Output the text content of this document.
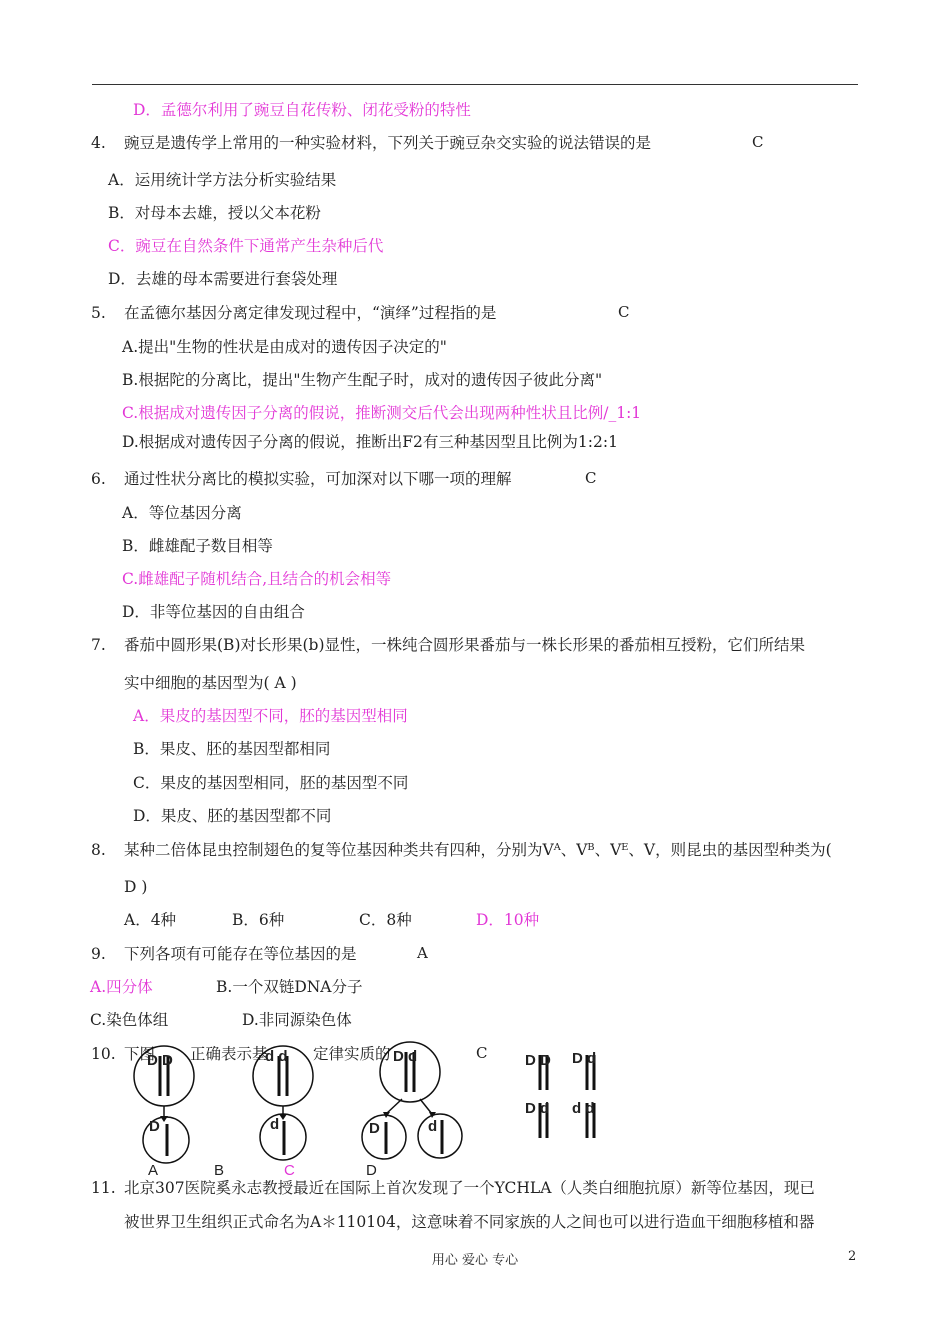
D．孟德尔利用了豌豆自花传粉、闭花受粉的特性
4. 豌豆是遗传学上常用的一种实验材料，下列关于豌豆杂交实验的说法错误的是	C
A．运用统计学方法分析实验结果
B．对母本去雄，授以父本花粉
C．豌豆在自然条件下通常产生杂种后代
D．去雄的母本需要进行套袋处理
5. 在孟德尔基因分离定律发现过程中，“演绎”过程指的是	C
A.提出"生物的性状是由成对的遗传因子决定的"
B.根据陀的分离比，提出"生物产生配子时，成对的遗传因子彼此分离"
C.根据成对遗传因子分离的假说，推断测交后代会出现两种性状且比例/_1:1
D.根据成对遗传因子分离的假说，推断出F2有三种基因型且比例为1:2:1
6. 通过性状分离比的模拟实验，可加深对以下哪一项的理解	C
A．等位基因分离
B．雌雄配子数目相等
C.雌雄配子随机结合,且结合的机会相等
D．非等位基因的自由组合
7. 番茄中圆形果(B)对长形果(b)显性，一株纯合圆形果番茄与一株长形果的番茄相互授粉，它们所结果
实中细胞的基因型为( A )
A．果皮的基因型不同，胚的基因型相同
B．果皮、胚的基因型都相同
C．果皮的基因型相同，胚的基因型不同
D．果皮、胚的基因型都不同
8. 某种二倍体昆虫控制翅色的复等位基因种类共有四种，分别为Vᴬ、Vᴮ、Vᴱ、V，则昆虫的基因型种类为(
D )
A．4种	B．6种	C．8种	D．10种
9. 下列各项有可能存在等位基因的是	A
A.四分体	B.一个双链DNA分子
C.染色体组	D.非同源染色体
10. 下图 正确表示基	定律实质的	C
D D
D
d d
d
D d
D	d
D D D d
D d d d
A	B	C	D
11. 北京307医院奚永志教授最近在国际上首次发现了一个YCHLA（人类白细胞抗原）新等位基因，现已
被世界卫生组织正式命名为A＊110104，这意味着不同家族的人之间也可以进行造血干细胞移植和器
用心 爱心 专心	2
